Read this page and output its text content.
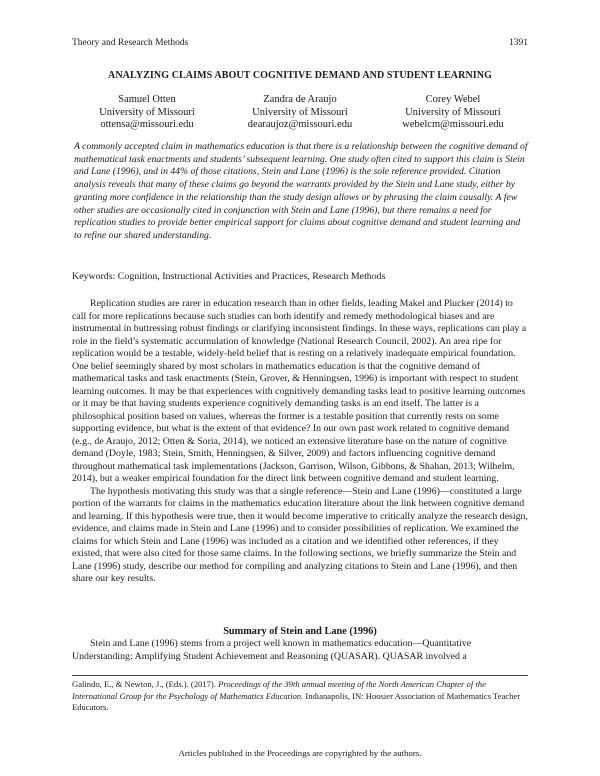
Theory and Research Methods	1391
ANALYZING CLAIMS ABOUT COGNITIVE DEMAND AND STUDENT LEARNING
Samuel Otten
University of Missouri
ottensa@missouri.edu
Zandra de Araujo
University of Missouri
dearaujoz@missouri.edu
Corey Webel
University of Missouri
webelcm@missouri.edu
A commonly accepted claim in mathematics education is that there is a relationship between the cognitive demand of mathematical task enactments and students’ subsequent learning. One study often cited to support this claim is Stein and Lane (1996), and in 44% of those citations, Stein and Lane (1996) is the sole reference provided. Citation analysis reveals that many of these claims go beyond the warrants provided by the Stein and Lane study, either by granting more confidence in the relationship than the study design allows or by phrasing the claim causally. A few other studies are occasionally cited in conjunction with Stein and Lane (1996), but there remains a need for replication studies to provide better empirical support for claims about cognitive demand and student learning and to refine our shared understanding.
Keywords: Cognition, Instructional Activities and Practices, Research Methods

Replication studies are rarer in education research than in other fields, leading Makel and Plucker (2014) to call for more replications because such studies can both identify and remedy methodological biases and are instrumental in buttressing robust findings or clarifying inconsistent findings. In these ways, replications can play a role in the field’s systematic accumulation of knowledge (National Research Council, 2002). An area ripe for replication would be a testable, widely-held belief that is resting on a relatively inadequate empirical foundation. One belief seemingly shared by most scholars in mathematics education is that the cognitive demand of mathematical tasks and task enactments (Stein, Grover, & Henningsen, 1996) is important with respect to student learning outcomes. It may be that experiences with cognitively demanding tasks lead to positive learning outcomes or it may be that having students experience cognitively demanding tasks is an end itself. The latter is a philosophical position based on values, whereas the former is a testable position that currently rests on some supporting evidence, but what is the extent of that evidence? In our own past work related to cognitive demand (e.g., de Araujo, 2012; Otten & Soria, 2014), we noticed an extensive literature base on the nature of cognitive demand (Doyle, 1983; Stein, Smith, Henningsen, & Silver, 2009) and factors influencing cognitive demand throughout mathematical task implementations (Jackson, Garrison, Wilson, Gibbons, & Shahan, 2013; Wilhelm, 2014), but a weaker empirical foundation for the direct link between cognitive demand and student learning.

The hypothesis motivating this study was that a single reference—Stein and Lane (1996)—constituted a large portion of the warrants for claims in the mathematics education literature about the link between cognitive demand and learning. If this hypothesis were true, then it would become imperative to critically analyze the research design, evidence, and claims made in Stein and Lane (1996) and to consider possibilities of replication. We examined the claims for which Stein and Lane (1996) was included as a citation and we identified other references, if they existed, that were also cited for those same claims. In the following sections, we briefly summarize the Stein and Lane (1996) study, describe our method for compiling and analyzing citations to Stein and Lane (1996), and then share our key results.

Summary of Stein and Lane (1996)

Stein and Lane (1996) stems from a project well known in mathematics education—Quantitative Understanding: Amplifying Student Achievement and Reasoning (QUASAR). QUASAR involved a

Galindo, E., & Newton, J., (Eds.). (2017). Proceedings of the 39th annual meeting of the North American Chapter of the International Group for the Psychology of Mathematics Education. Indianapolis, IN: Hoosier Association of Mathematics Teacher Educators.
Articles published in the Proceedings are copyrighted by the authors.
